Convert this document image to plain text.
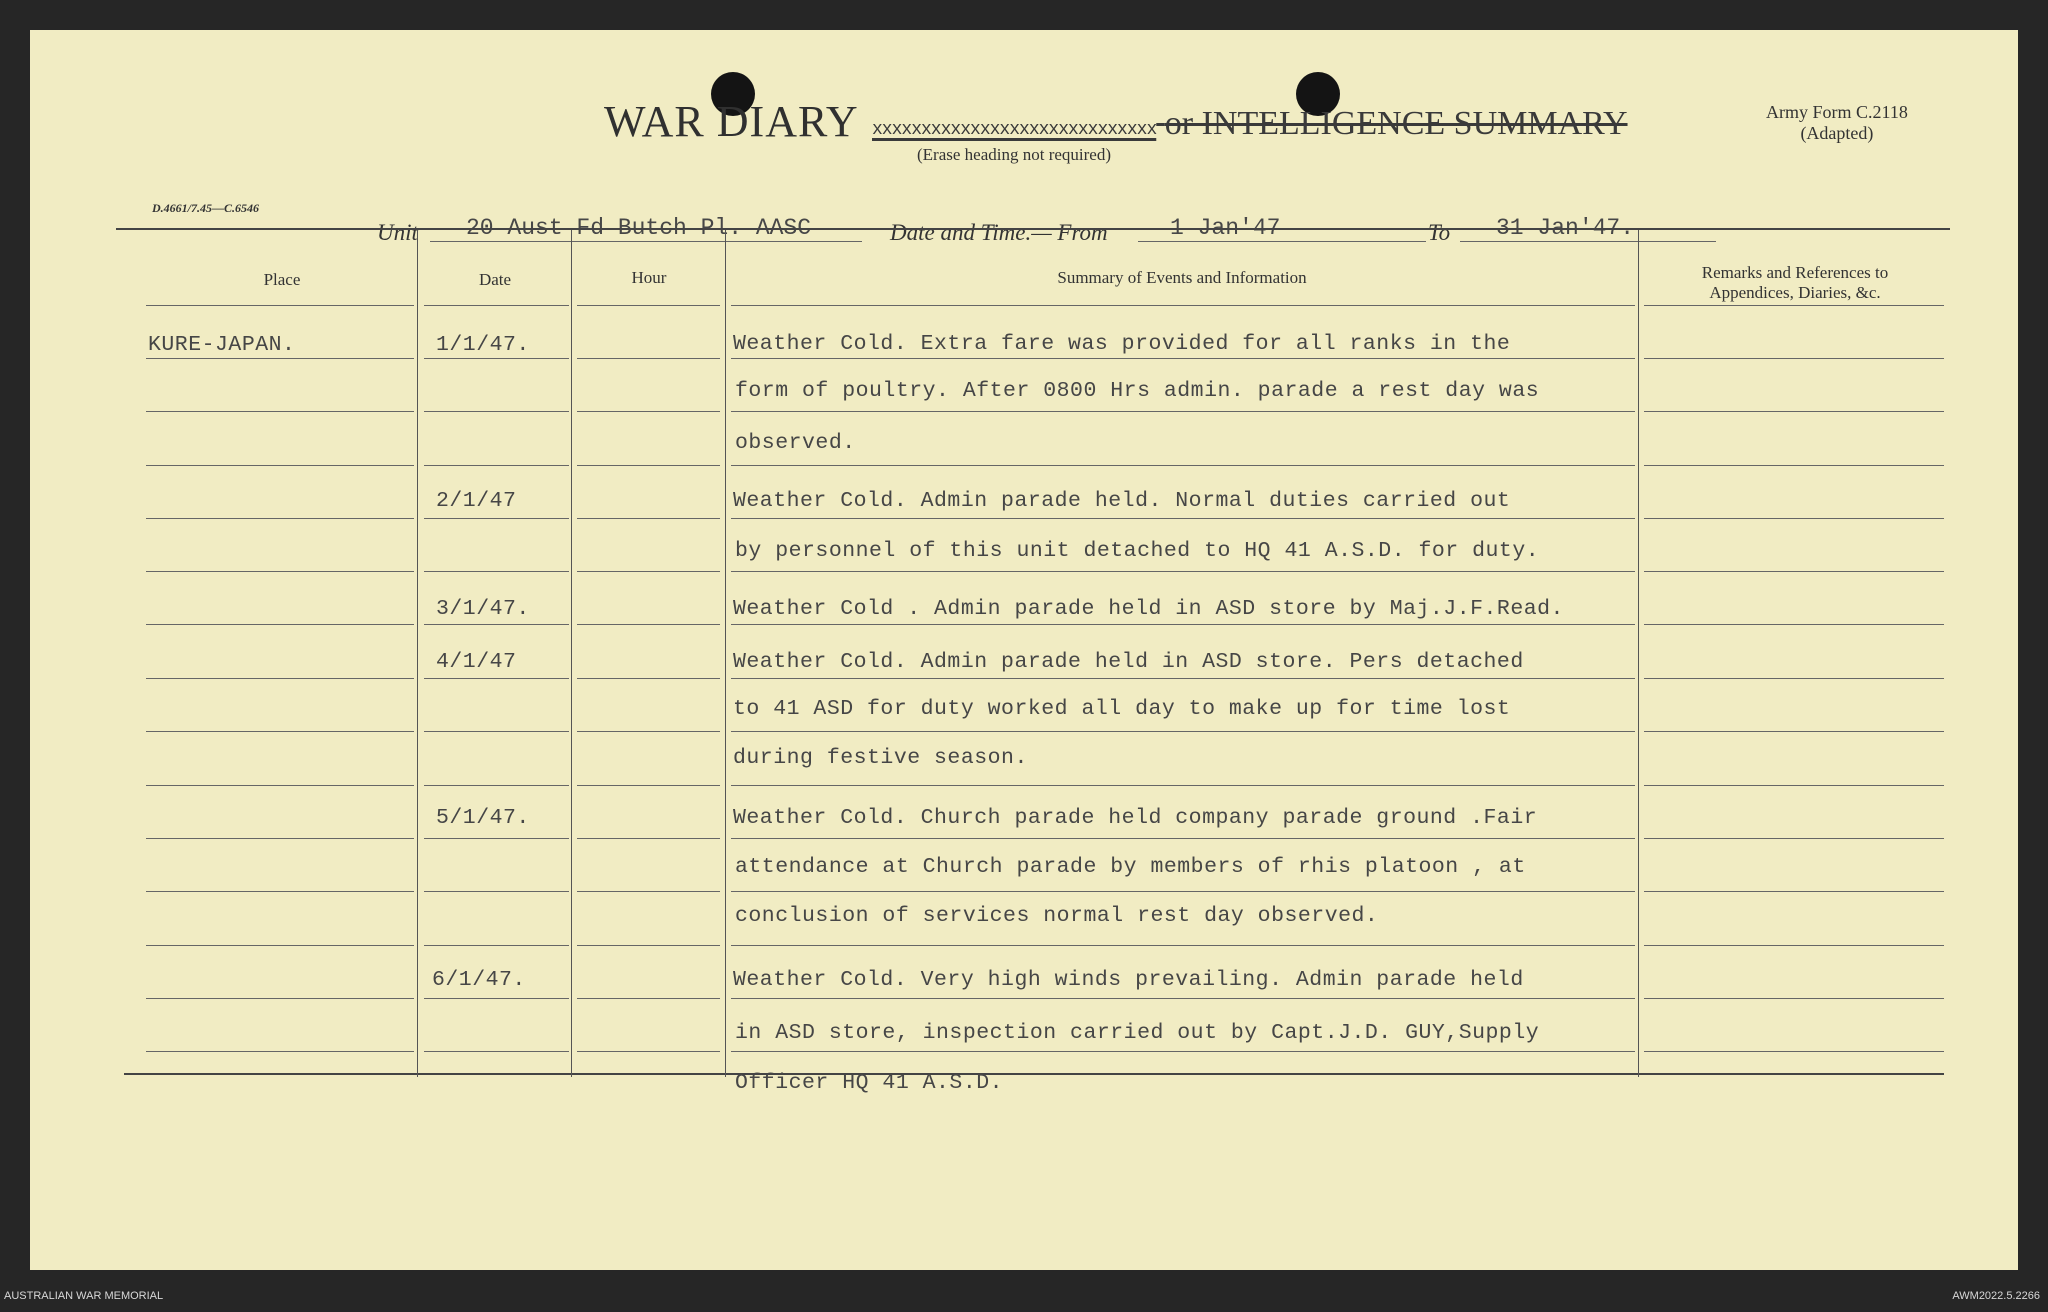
WAR DIARY xxxxxxxxxxxxxxxxxxxxxxxxxxxxx or INTELLIGENCE SUMMARY
(Erase heading not required)
Army Form C.2118
(Adapted)
D.4661/7.45—C.6546
Unit 20 Aust Fd Butch Pl. AASC	Date and Time.— From	1 Jan'47	To 31 Jan'47.
Place	Date	Hour	Summary of Events and Information	Remarks and References to
Appendices, Diaries, &c.
KURE-JAPAN.	1/1/47.	Weather Cold. Extra fare was provided for all ranks in the
form of poultry. After 0800 Hrs admin. parade a rest day was
observed.
2/1/47	Weather Cold. Admin parade held. Normal duties carried out
by personnel of this unit detached to HQ 41 A.S.D. for duty.
3/1/47.	Weather Cold . Admin parade held in ASD store by Maj.J.F.Read.
4/1/47	Weather Cold. Admin parade held in ASD store. Pers detached
to 41 ASD for duty worked all day to make up for time lost
during festive season.
5/1/47.	Weather Cold. Church parade held company parade ground .Fair
attendance at Church parade by members of rhis platoon , at
conclusion of services normal rest day observed.
6/1/47.	Weather Cold. Very high winds prevailing. Admin parade held
in ASD store, inspection carried out by Capt.J.D. GUY,Supply
Officer HQ 41 A.S.D.
AUSTRALIAN WAR MEMORIAL	AWM2022.5.2266
